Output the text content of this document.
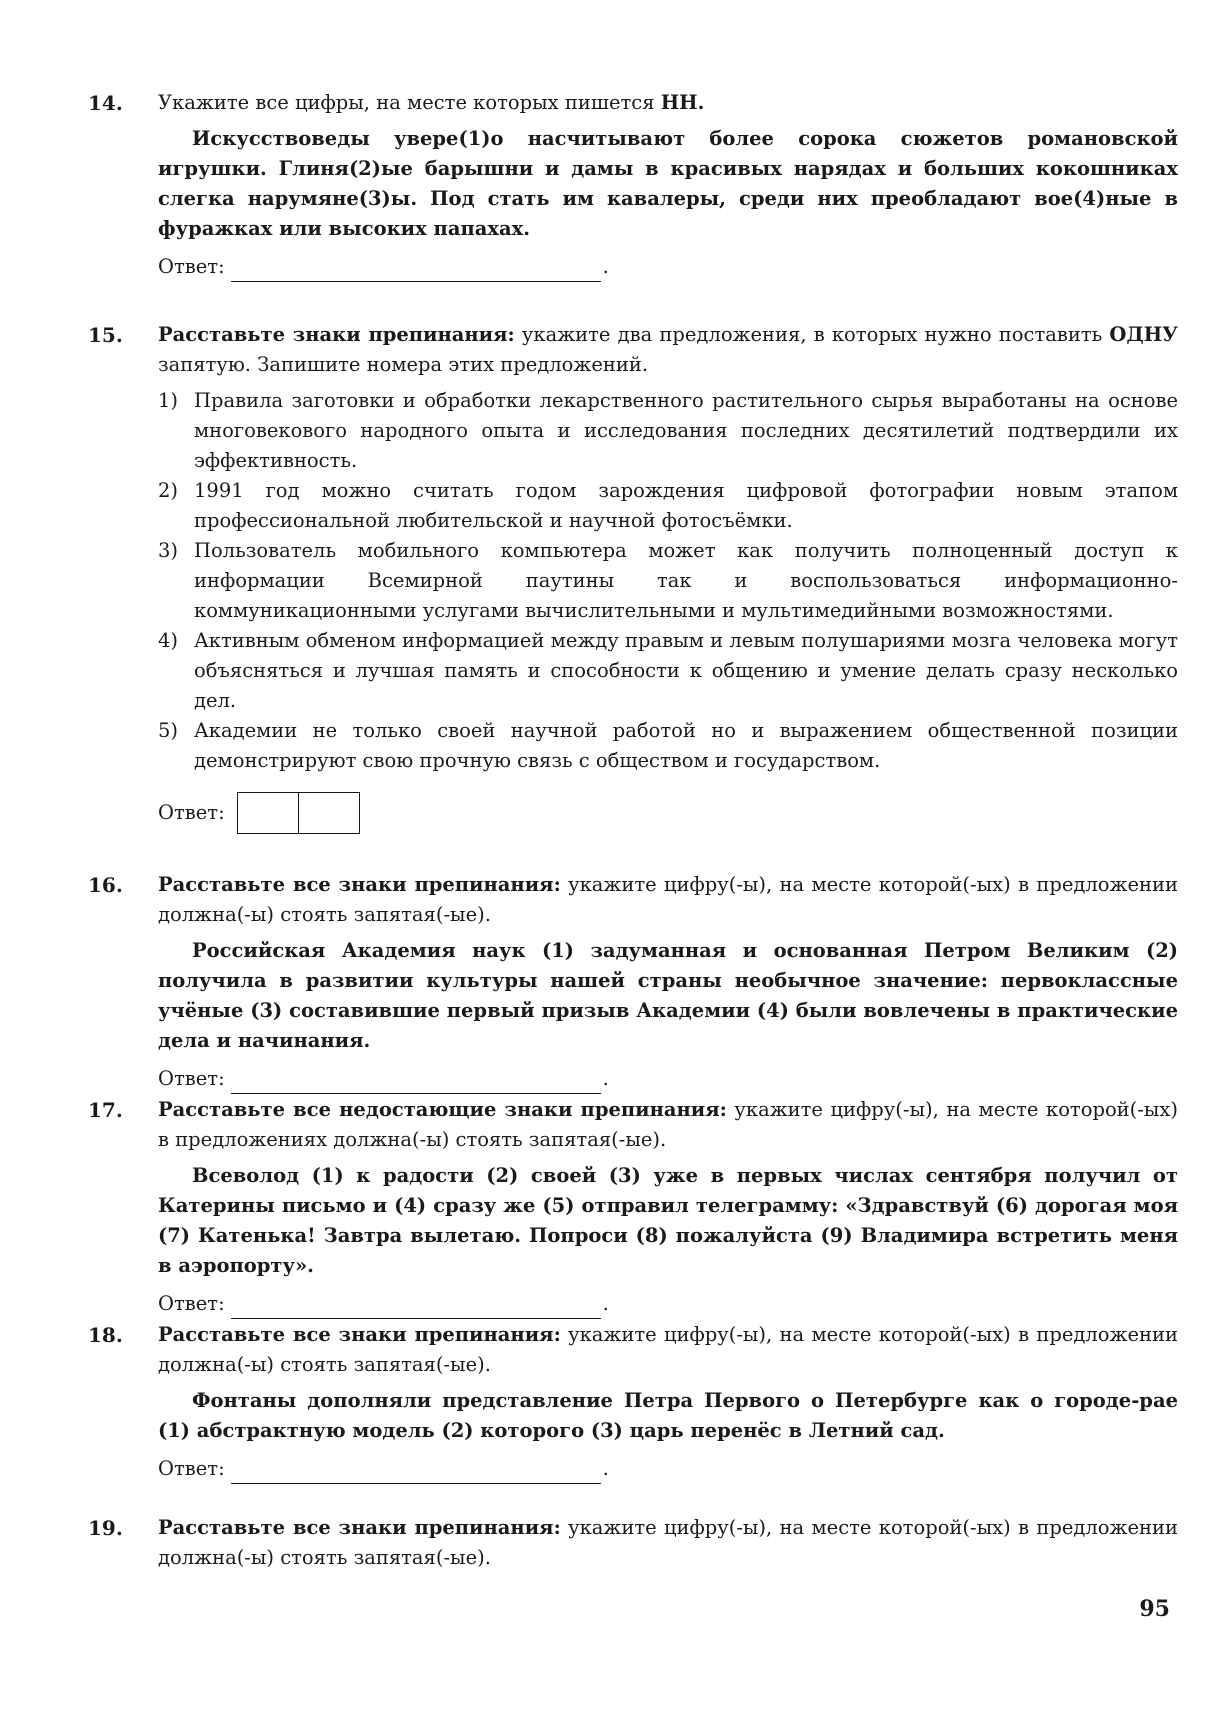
14. Укажите все цифры, на месте которых пишется НН.
Искусствоведы увере(1)о насчитывают более сорока сюжетов романовской игрушки. Глиня(2)ые барышни и дамы в красивых нарядах и больших кокошниках слегка нарумяне(3)ы. Под стать им кавалеры, среди них преобладают вое(4)ные в фуражках или высоких папахах.
Ответ:	.
15. Расставьте знаки препинания: укажите два предложения, в которых нужно поставить ОДНУ запятую. Запишите номера этих предложений.
1) Правила заготовки и обработки лекарственного растительного сырья выработаны на основе многовекового народного опыта и исследования последних десятилетий подтвердили их эффективность.
2) 1991 год можно считать годом зарождения цифровой фотографии новым этапом профессиональной любительской и научной фотосъёмки.
3) Пользователь мобильного компьютера может как получить полноценный доступ к информации Всемирной паутины так и воспользоваться информационно-коммуникационными услугами вычислительными и мультимедийными возможностями.
4) Активным обменом информацией между правым и левым полушариями мозга человека могут объясняться и лучшая память и способности к общению и умение делать сразу несколько дел.
5) Академии не только своей научной работой но и выражением общественной позиции демонстрируют свою прочную связь с обществом и государством.
Ответ:
16. Расставьте все знаки препинания: укажите цифру(-ы), на месте которой(-ых) в предложении должна(-ы) стоять запятая(-ые).
Российская Академия наук (1) задуманная и основанная Петром Великим (2) получила в развитии культуры нашей страны необычное значение: первоклассные учёные (3) составившие первый призыв Академии (4) были вовлечены в практические дела и начинания.
Ответ:	.
17. Расставьте все недостающие знаки препинания: укажите цифру(-ы), на месте которой(-ых) в предложениях должна(-ы) стоять запятая(-ые).
Всеволод (1) к радости (2) своей (3) уже в первых числах сентября получил от Катерины письмо и (4) сразу же (5) отправил телеграмму: «Здравствуй (6) дорогая моя (7) Катенька! Завтра вылетаю. Попроси (8) пожалуйста (9) Владимира встретить меня в аэропорту».
Ответ:	.
18. Расставьте все знаки препинания: укажите цифру(-ы), на месте которой(-ых) в предложении должна(-ы) стоять запятая(-ые).
Фонтаны дополняли представление Петра Первого о Петербурге как о городе-рае (1) абстрактную модель (2) которого (3) царь перенёс в Летний сад.
Ответ:	.
19. Расставьте все знаки препинания: укажите цифру(-ы), на месте которой(-ых) в предложении должна(-ы) стоять запятая(-ые).
95
